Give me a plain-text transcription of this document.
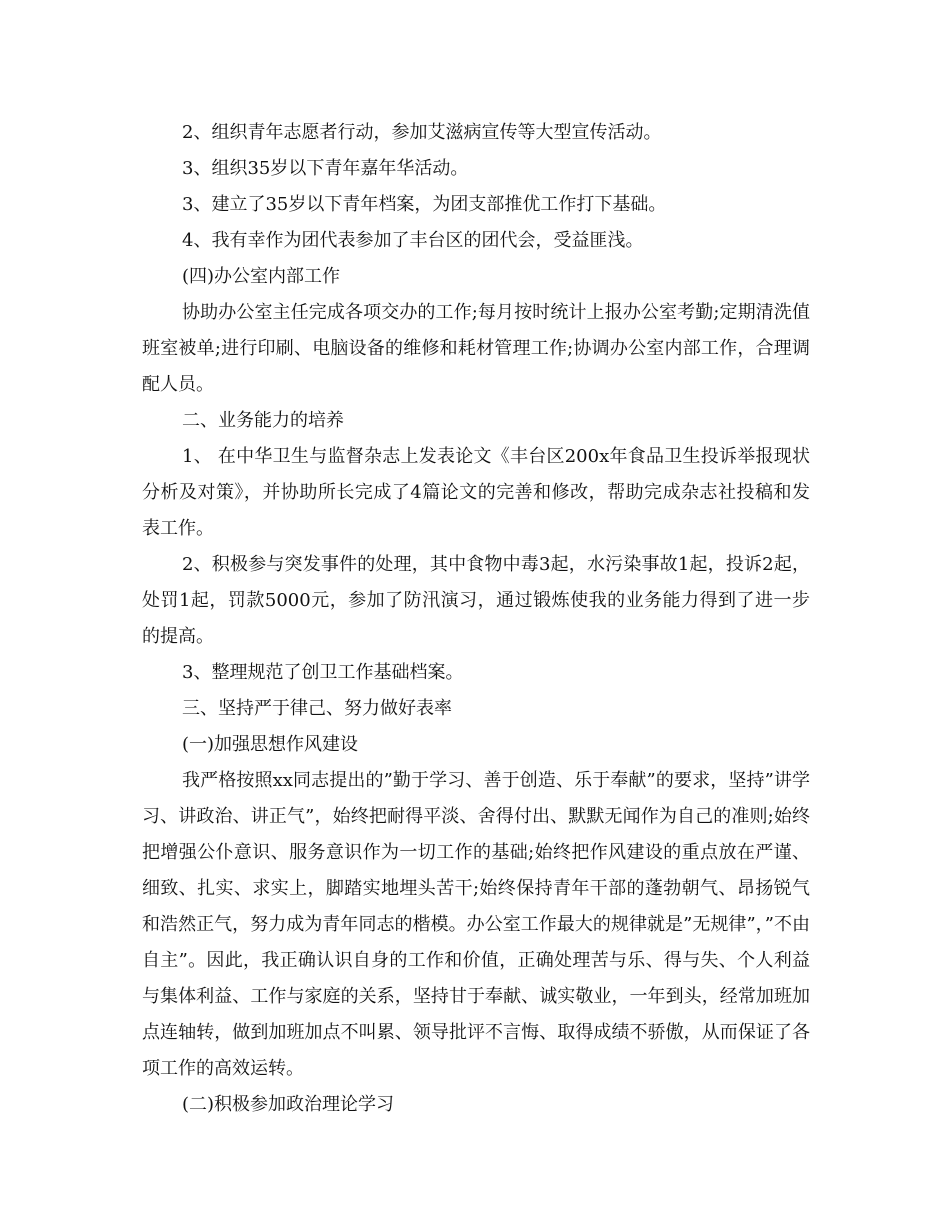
2、组织青年志愿者行动，参加艾滋病宣传等大型宣传活动。

3、组织35岁以下青年嘉年华活动。

3、建立了35岁以下青年档案，为团支部推优工作打下基础。

4、我有幸作为团代表参加了丰台区的团代会，受益匪浅。

(四)办公室内部工作

协助办公室主任完成各项交办的工作;每月按时统计上报办公室考勤;定期清洗值班室被单;进行印刷、电脑设备的维修和耗材管理工作;协调办公室内部工作，合理调配人员。

二、业务能力的培养

1、 在中华卫生与监督杂志上发表论文《丰台区200x年食品卫生投诉举报现状分析及对策》，并协助所长完成了4篇论文的完善和修改，帮助完成杂志社投稿和发表工作。

2、积极参与突发事件的处理，其中食物中毒3起，水污染事故1起，投诉2起，处罚1起，罚款5000元，参加了防汛演习，通过锻炼使我的业务能力得到了进一步的提高。

3、整理规范了创卫工作基础档案。

三、坚持严于律己、努力做好表率

(一)加强思想作风建设

我严格按照xx同志提出的”勤于学习、善于创造、乐于奉献”的要求，坚持”讲学习、讲政治、讲正气”，始终把耐得平淡、舍得付出、默默无闻作为自己的准则;始终把增强公仆意识、服务意识作为一切工作的基础;始终把作风建设的重点放在严谨、细致、扎实、求实上，脚踏实地埋头苦干;始终保持青年干部的蓬勃朝气、昂扬锐气和浩然正气，努力成为青年同志的楷模。办公室工作最大的规律就是”无规律”，”不由自主”。因此，我正确认识自身的工作和价值，正确处理苦与乐、得与失、个人利益与集体利益、工作与家庭的关系，坚持甘于奉献、诚实敬业，一年到头，经常加班加点连轴转，做到加班加点不叫累、领导批评不言悔、取得成绩不骄傲，从而保证了各项工作的高效运转。

(二)积极参加政治理论学习
